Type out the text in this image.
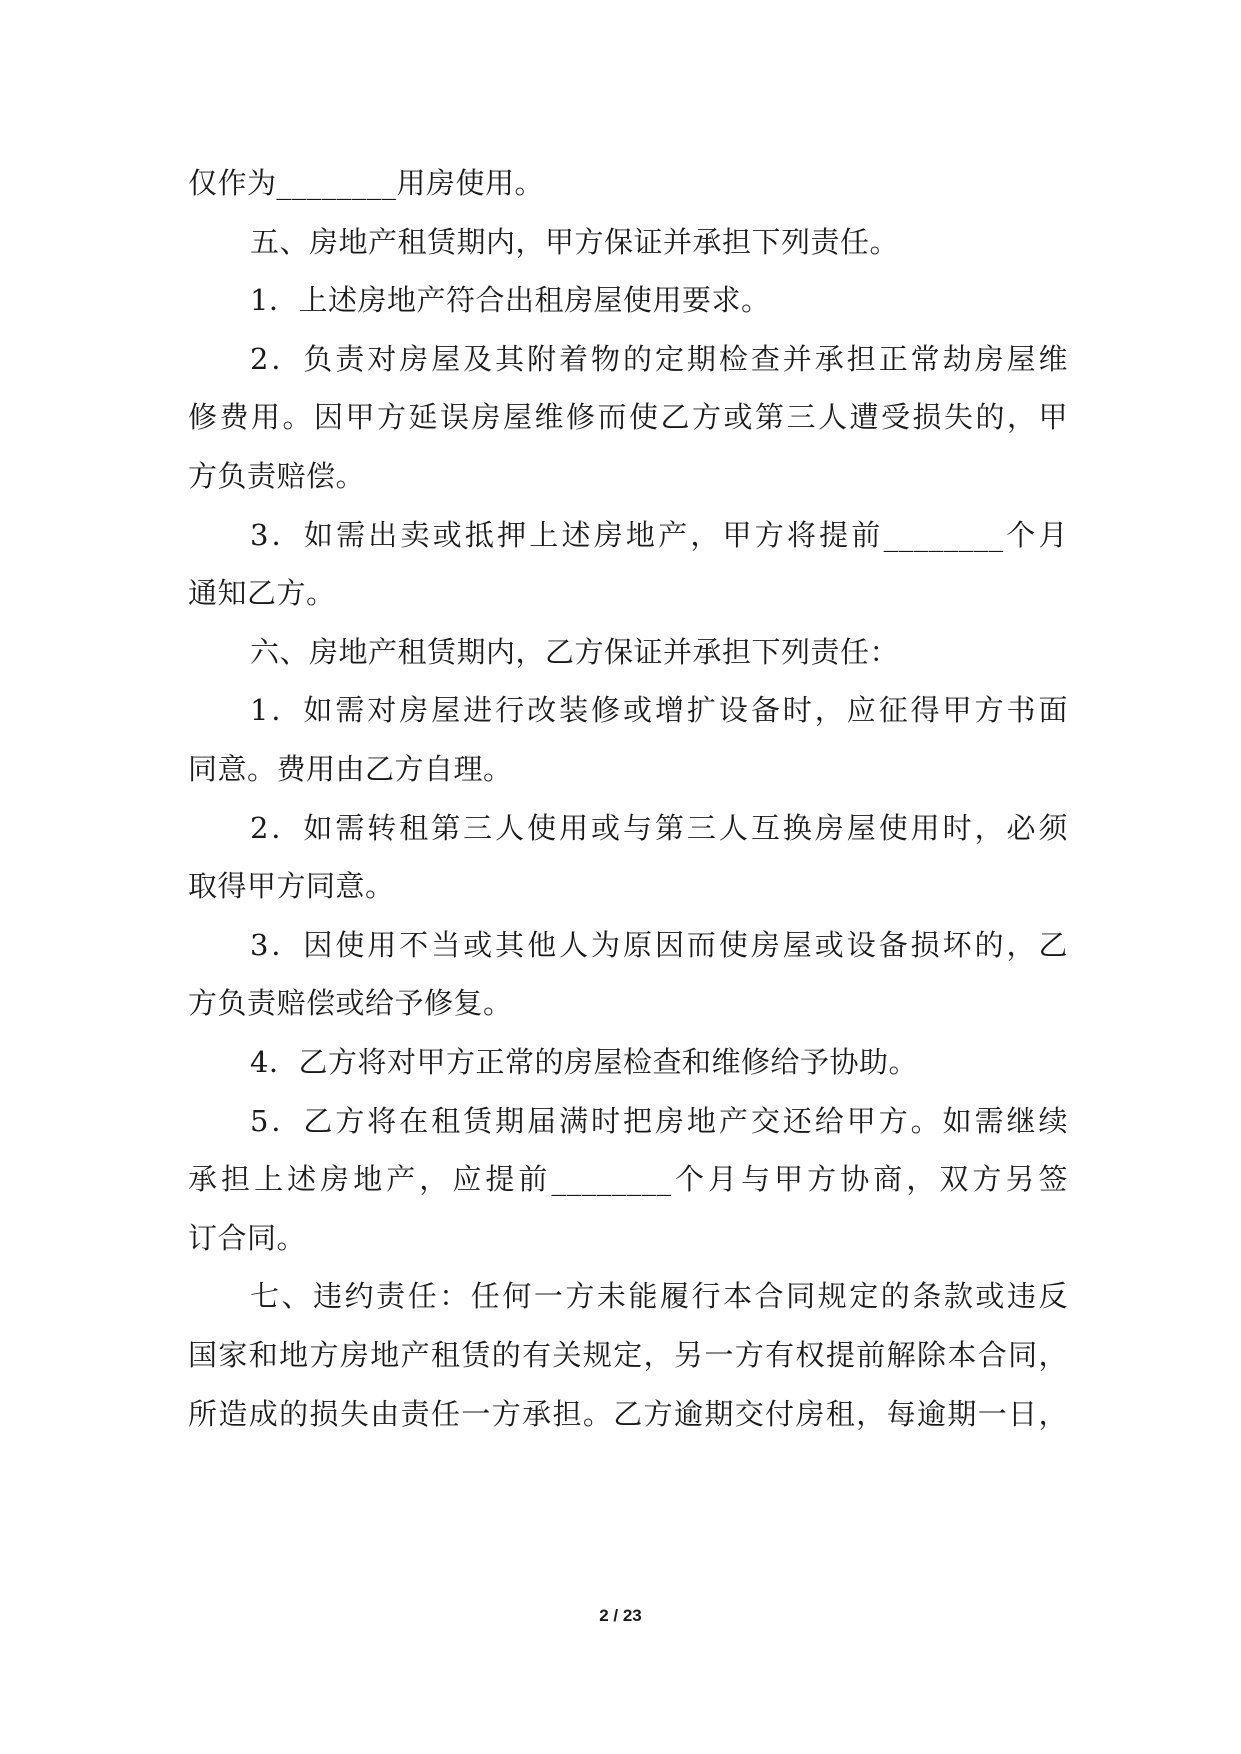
仅作为________用房使用。
五、房地产租赁期内，甲方保证并承担下列责任。
1．上述房地产符合出租房屋使用要求。
2．负责对房屋及其附着物的定期检查并承担正常劫房屋维
修费用。因甲方延误房屋维修而使乙方或第三人遭受损失的，甲
方负责赔偿。
3．如需出卖或抵押上述房地产，甲方将提前________个月
通知乙方。
六、房地产租赁期内，乙方保证并承担下列责任：
1．如需对房屋进行改装修或增扩设备时，应征得甲方书面
同意。费用由乙方自理。
2．如需转租第三人使用或与第三人互换房屋使用时，必须
取得甲方同意。
3．因使用不当或其他人为原因而使房屋或设备损坏的，乙
方负责赔偿或给予修复。
4．乙方将对甲方正常的房屋检查和维修给予协助。
5．乙方将在租赁期届满时把房地产交还给甲方。如需继续
承担上述房地产，应提前________个月与甲方协商，双方另签
订合同。
七、违约责任：任何一方未能履行本合同规定的条款或违反
国家和地方房地产租赁的有关规定，另一方有权提前解除本合同，
所造成的损失由责任一方承担。乙方逾期交付房租，每逾期一日，
2 / 23
